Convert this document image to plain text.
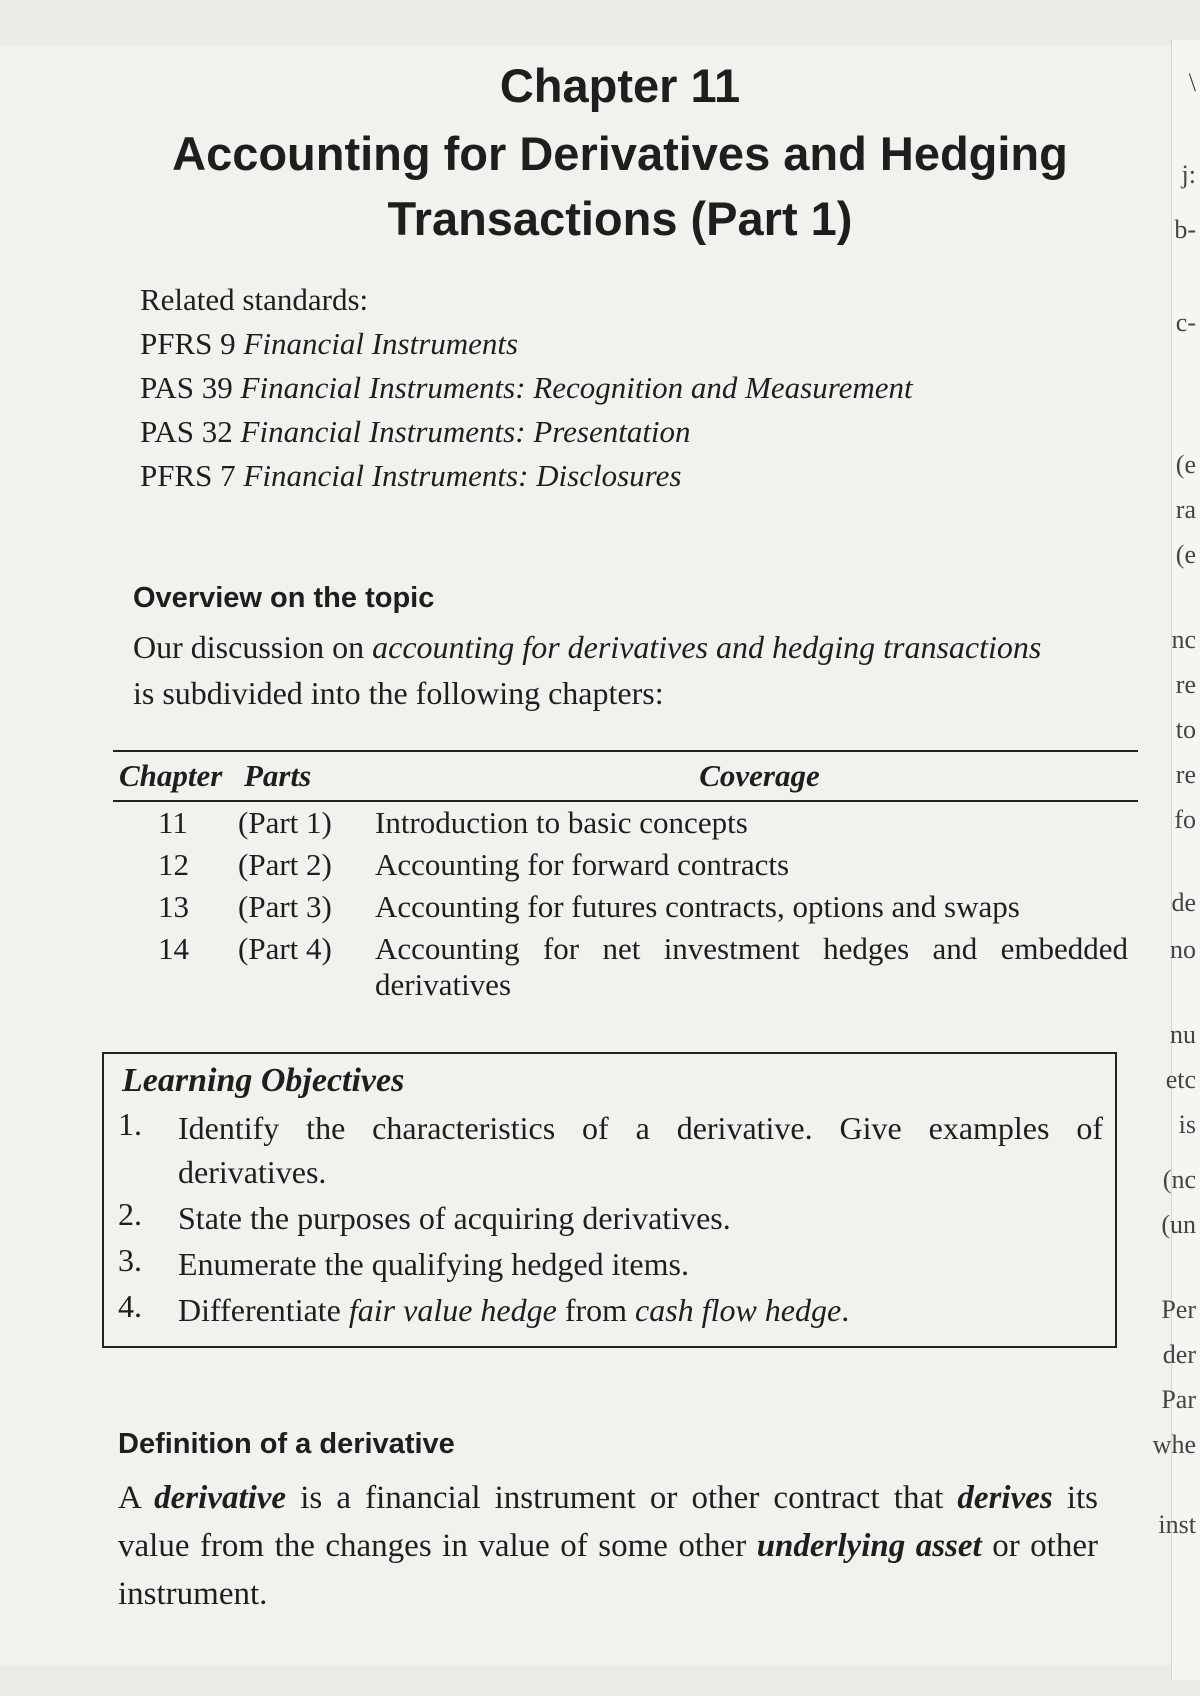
\
j:
b-
c-
(e
ra
(e
nc
re
to
re
fo
de
no
nu
etc
is
(nc
(un
Per
der
Par
whe
inst
Chapter 11
Accounting for Derivatives and Hedging
Transactions (Part 1)
Related standards:
PFRS 9 Financial Instruments
PAS 39 Financial Instruments: Recognition and Measurement
PAS 32 Financial Instruments: Presentation
PFRS 7 Financial Instruments: Disclosures
Overview on the topic
Our discussion on accounting for derivatives and hedging transactions
is subdivided into the following chapters:
Chapter	Parts	Coverage
11	(Part 1)	Introduction to basic concepts
12	(Part 2)	Accounting for forward contracts
13	(Part 3)	Accounting for futures contracts, options and swaps
14	(Part 4)	Accounting for net investment hedges and embedded derivatives
Learning Objectives
1.	Identify the characteristics of a derivative. Give examples of derivatives.
2.	State the purposes of acquiring derivatives.
3.	Enumerate the qualifying hedged items.
4.	Differentiate fair value hedge from cash flow hedge.
Definition of a derivative
A derivative is a financial instrument or other contract that derives its value from the changes in value of some other underlying asset or other instrument.
